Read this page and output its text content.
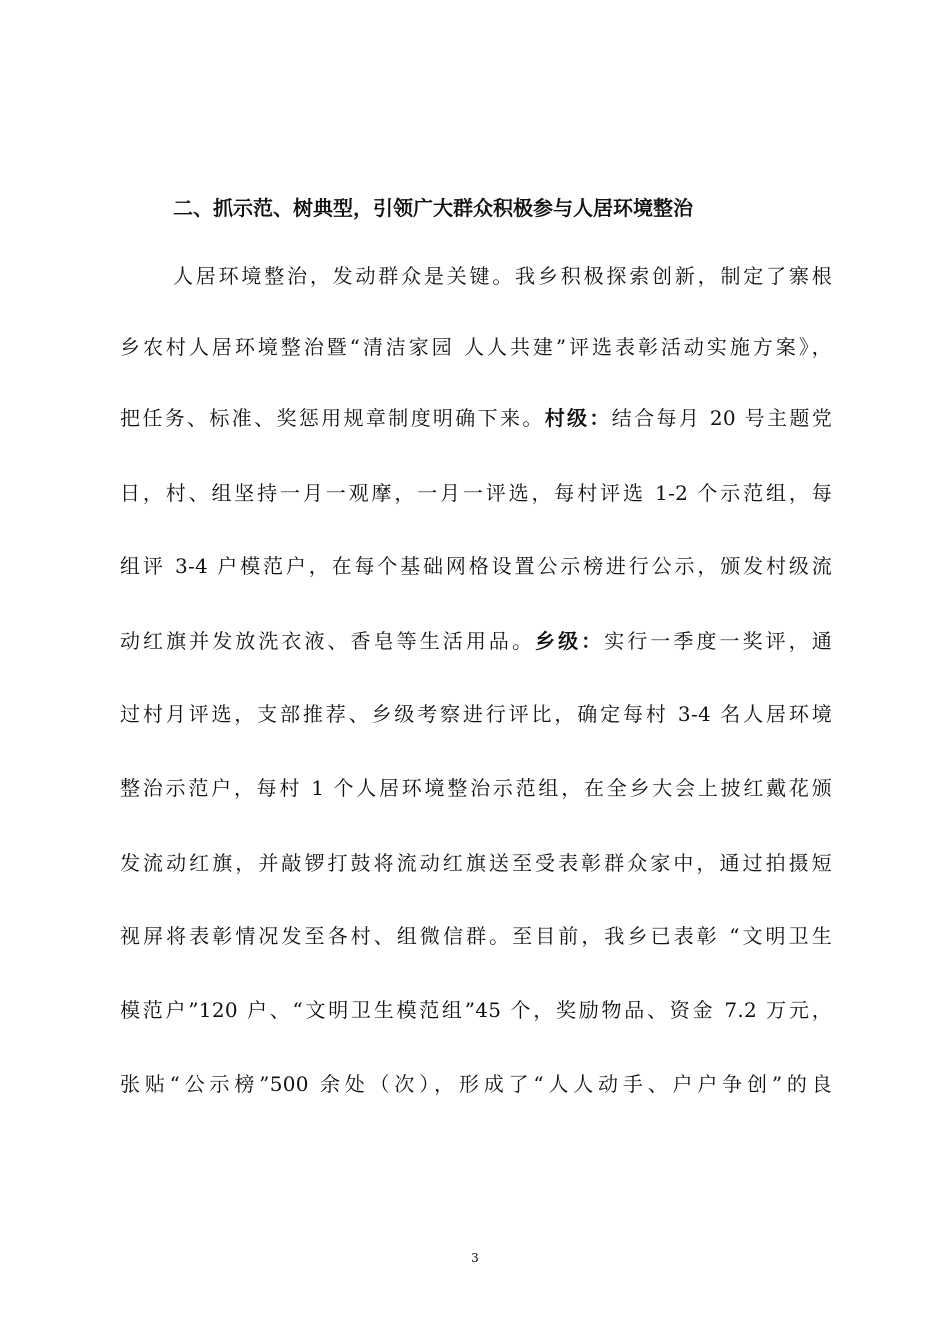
二、抓示范、树典型，引领广大群众积极参与人居环境整治
人居环境整治，发动群众是关键。我乡积极探索创新，制定了寨根
乡农村人居环境整治暨“清洁家园 人人共建”评选表彰活动实施方案》，
把任务、标准、奖惩用规章制度明确下来。村级：结合每月 20 号主题党
日，村、组坚持一月一观摩，一月一评选，每村评选 1-2 个示范组，每
组评 3-4 户模范户，在每个基础网格设置公示榜进行公示，颁发村级流
动红旗并发放洗衣液、香皂等生活用品。乡级：实行一季度一奖评，通
过村月评选，支部推荐、乡级考察进行评比，确定每村 3-4 名人居环境
整治示范户，每村 1 个人居环境整治示范组，在全乡大会上披红戴花颁
发流动红旗，并敲锣打鼓将流动红旗送至受表彰群众家中，通过拍摄短
视屏将表彰情况发至各村、组微信群。至目前，我乡已表彰 “文明卫生
模范户”120 户、“文明卫生模范组”45 个，奖励物品、资金 7.2 万元，
张贴“公示榜”500 余处（次），形成了“人人动手、户户争创”的良
3
